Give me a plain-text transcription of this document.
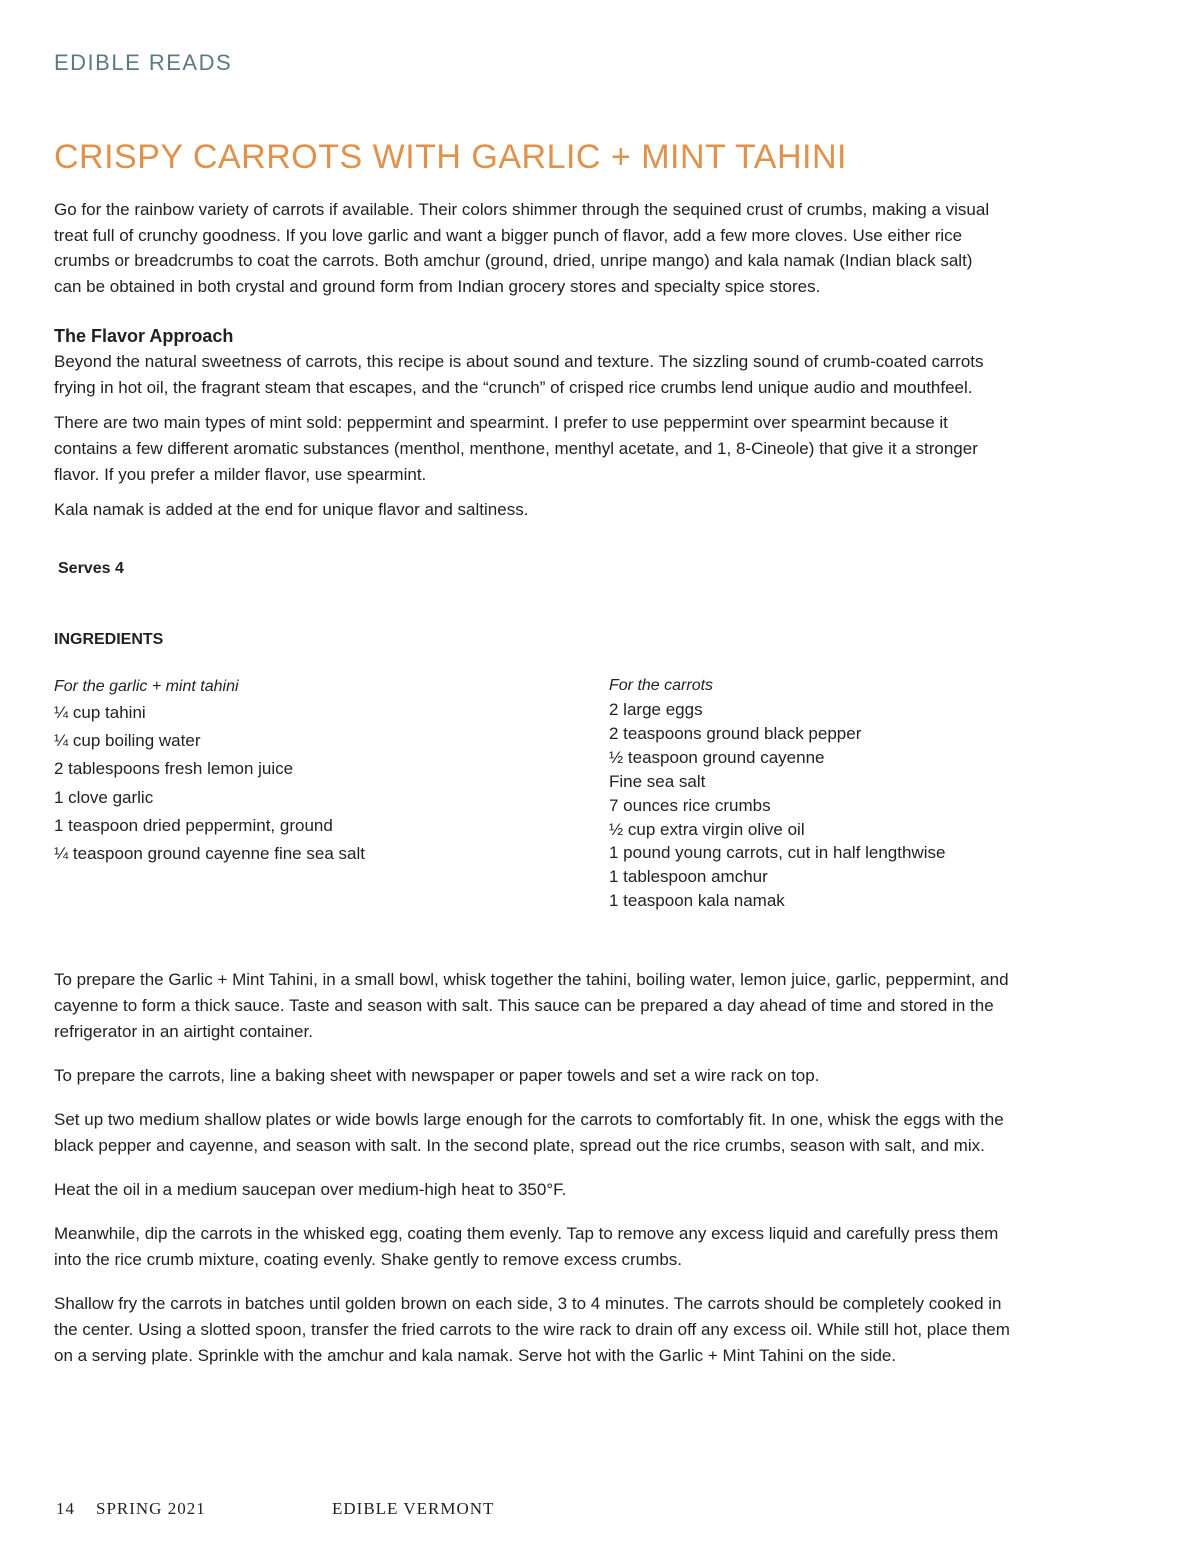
EDIBLE READS
CRISPY CARROTS WITH GARLIC + MINT TAHINI

Go for the rainbow variety of carrots if available. Their colors shimmer through the sequined crust of crumbs, making a visual treat full of crunchy goodness. If you love garlic and want a bigger punch of flavor, add a few more cloves. Use either rice crumbs or breadcrumbs to coat the carrots. Both amchur (ground, dried, unripe mango) and kala namak (Indian black salt) can be obtained in both crystal and ground form from Indian grocery stores and specialty spice stores.

The Flavor Approach

Beyond the natural sweetness of carrots, this recipe is about sound and texture. The sizzling sound of crumb-coated carrots frying in hot oil, the fragrant steam that escapes, and the “crunch” of crisped rice crumbs lend unique audio and mouthfeel.

There are two main types of mint sold: peppermint and spearmint. I prefer to use peppermint over spearmint because it contains a few different aromatic substances (menthol, menthone, menthyl acetate, and 1, 8-Cineole) that give it a stronger flavor. If you prefer a milder flavor, use spearmint.

Kala namak is added at the end for unique flavor and saltiness.

Serves 4
INGREDIENTS
For the garlic + mint tahini
¼ cup tahini
¼ cup boiling water
2 tablespoons fresh lemon juice
1 clove garlic
1 teaspoon dried peppermint, ground
¼ teaspoon ground cayenne fine sea salt
For the carrots
2 large eggs
2 teaspoons ground black pepper
½ teaspoon ground cayenne
Fine sea salt
7 ounces rice crumbs
½ cup extra virgin olive oil
1 pound young carrots, cut in half lengthwise
1 tablespoon amchur
1 teaspoon kala namak

To prepare the Garlic + Mint Tahini, in a small bowl, whisk together the tahini, boiling water, lemon juice, garlic, peppermint, and cayenne to form a thick sauce. Taste and season with salt. This sauce can be prepared a day ahead of time and stored in the refrigerator in an airtight container.

To prepare the carrots, line a baking sheet with newspaper or paper towels and set a wire rack on top.

Set up two medium shallow plates or wide bowls large enough for the carrots to comfortably fit. In one, whisk the eggs with the black pepper and cayenne, and season with salt. In the second plate, spread out the rice crumbs, season with salt, and mix.

Heat the oil in a medium saucepan over medium-high heat to 350°F.

Meanwhile, dip the carrots in the whisked egg, coating them evenly. Tap to remove any excess liquid and carefully press them into the rice crumb mixture, coating evenly. Shake gently to remove excess crumbs.

Shallow fry the carrots in batches until golden brown on each side, 3 to 4 minutes. The carrots should be completely cooked in the center. Using a slotted spoon, transfer the fried carrots to the wire rack to drain off any excess oil. While still hot, place them on a serving plate. Sprinkle with the amchur and kala namak. Serve hot with the Garlic + Mint Tahini on the side.

14 SPRING 2021	EDIBLE VERMONT
